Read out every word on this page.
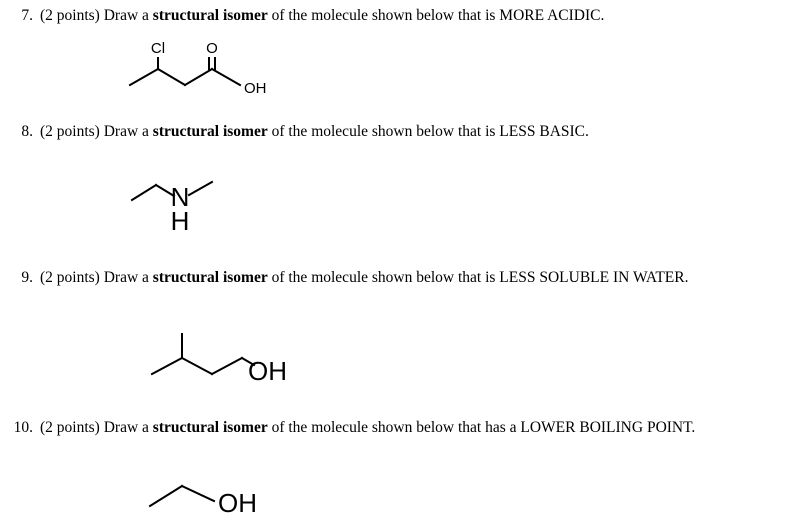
7. (2 points) Draw a structural isomer of the molecule shown below that is MORE ACIDIC.
Cl	O
OH
8. (2 points) Draw a structural isomer of the molecule shown below that is LESS BASIC.
N
H
9. (2 points) Draw a structural isomer of the molecule shown below that is LESS SOLUBLE IN WATER.
OH
10. (2 points) Draw a structural isomer of the molecule shown below that has a LOWER BOILING POINT.
OH
